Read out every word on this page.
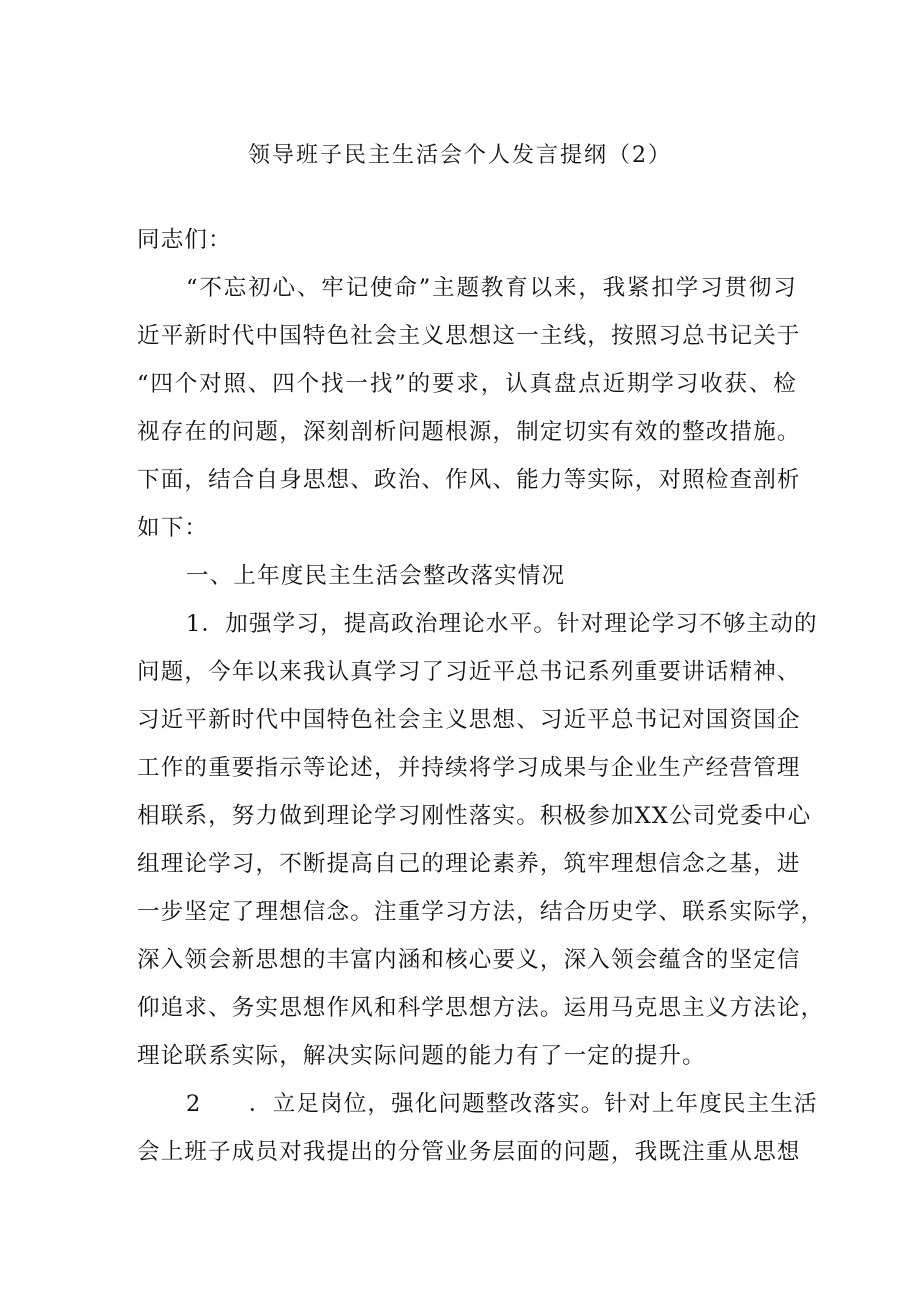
领导班子民主生活会个人发言提纲（2）
同志们：
“不忘初心、牢记使命”主题教育以来，我紧扣学习贯彻习
近平新时代中国特色社会主义思想这一主线，按照习总书记关于
“四个对照、四个找一找”的要求，认真盘点近期学习收获、检
视存在的问题，深刻剖析问题根源，制定切实有效的整改措施。
下面，结合自身思想、政治、作风、能力等实际，对照检查剖析
如下：
一、上年度民主生活会整改落实情况
1．加强学习，提高政治理论水平。针对理论学习不够主动的
问题，今年以来我认真学习了习近平总书记系列重要讲话精神、
习近平新时代中国特色社会主义思想、习近平总书记对国资国企
工作的重要指示等论述，并持续将学习成果与企业生产经营管理
相联系，努力做到理论学习刚性落实。积极参加XX公司党委中心
组理论学习，不断提高自己的理论素养，筑牢理想信念之基，进
一步坚定了理想信念。注重学习方法，结合历史学、联系实际学，
深入领会新思想的丰富内涵和核心要义，深入领会蕴含的坚定信
仰追求、务实思想作风和科学思想方法。运用马克思主义方法论，
理论联系实际，解决实际问题的能力有了一定的提升。
2　　．立足岗位，强化问题整改落实。针对上年度民主生活
会上班子成员对我提出的分管业务层面的问题，我既注重从思想
